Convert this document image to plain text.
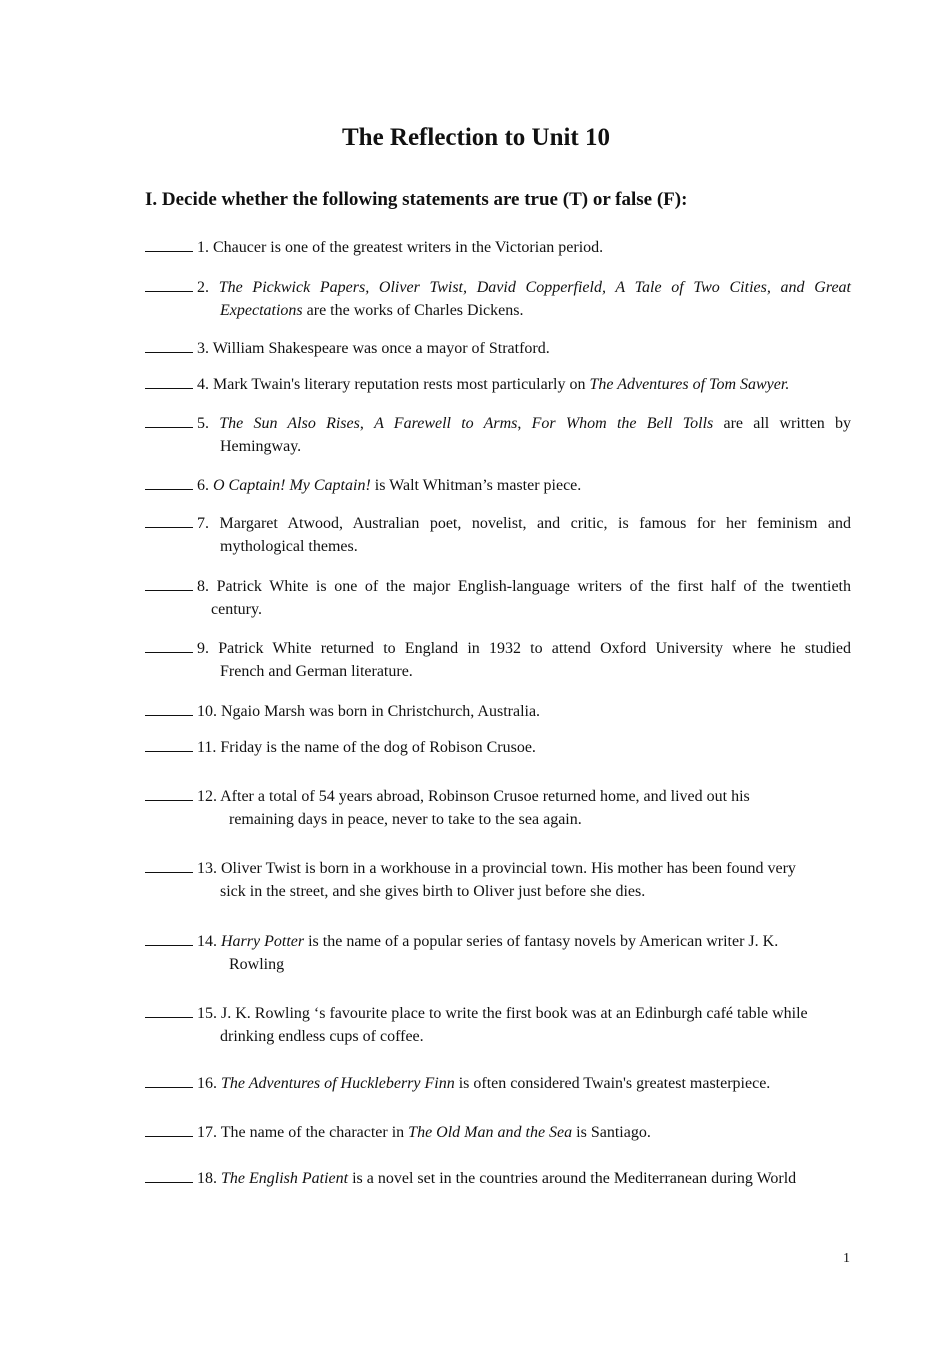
The Reflection to Unit 10
I. Decide whether the following statements are true (T) or false (F):
1. Chaucer is one of the greatest writers in the Victorian period.
2. The Pickwick Papers, Oliver Twist, David Copperfield, A Tale of Two Cities, and Great
Expectations are the works of Charles Dickens.
3. William Shakespeare was once a mayor of Stratford.
4. Mark Twain's literary reputation rests most particularly on The Adventures of Tom Sawyer.
5. The Sun Also Rises, A Farewell to Arms, For Whom the Bell Tolls are all written by
Hemingway.
6. O Captain! My Captain! is Walt Whitman’s master piece.
7. Margaret Atwood, Australian poet, novelist, and critic, is famous for her feminism and
mythological themes.
8. Patrick White is one of the major English-language writers of the first half of the twentieth
century.
9. Patrick White returned to England in 1932 to attend Oxford University where he studied
French and German literature.
10. Ngaio Marsh was born in Christchurch, Australia.
11. Friday is the name of the dog of Robison Crusoe.
12. After a total of 54 years abroad, Robinson Crusoe returned home, and lived out his
remaining days in peace, never to take to the sea again.
13. Oliver Twist is born in a workhouse in a provincial town. His mother has been found very
sick in the street, and she gives birth to Oliver just before she dies.
14. Harry Potter is the name of a popular series of fantasy novels by American writer J. K.
Rowling
15. J. K. Rowling ‘s favourite place to write the first book was at an Edinburgh café table while
drinking endless cups of coffee.
16. The Adventures of Huckleberry Finn is often considered Twain's greatest masterpiece.
17. The name of the character in The Old Man and the Sea is Santiago.
18. The English Patient is a novel set in the countries around the Mediterranean during World
1
